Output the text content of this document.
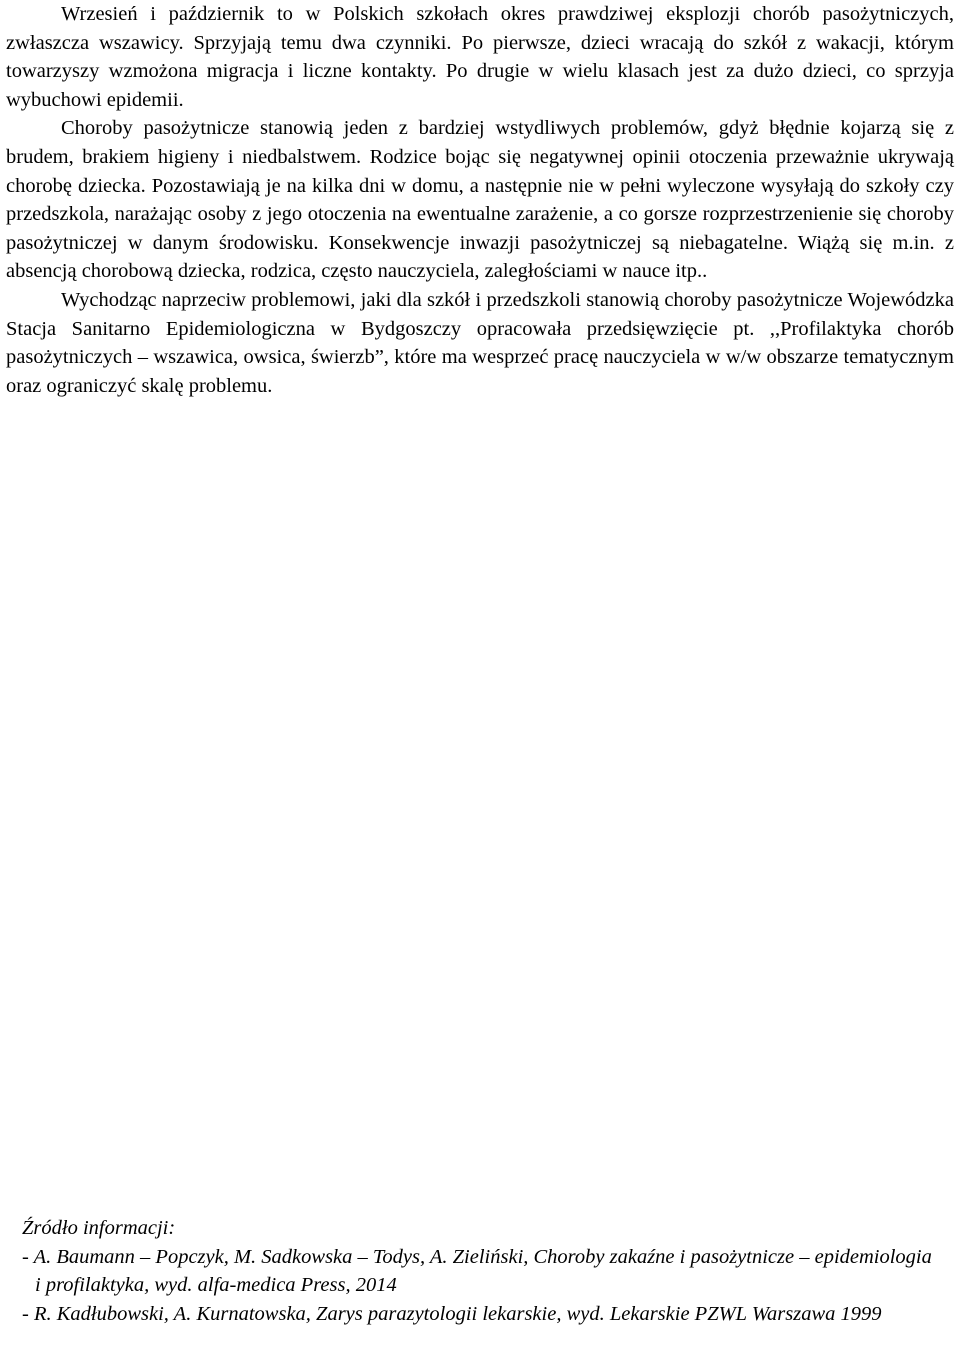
Wrzesień i październik to w Polskich szkołach okres prawdziwej eksplozji chorób pasożytniczych, zwłaszcza wszawicy. Sprzyjają temu dwa czynniki. Po pierwsze, dzieci wracają do szkół z wakacji, którym towarzyszy wzmożona migracja i liczne kontakty. Po drugie w wielu klasach jest za dużo dzieci, co sprzyja wybuchowi epidemii.

Choroby pasożytnicze stanowią jeden z bardziej wstydliwych problemów, gdyż błędnie kojarzą się z brudem, brakiem higieny i niedbalstwem. Rodzice bojąc się negatywnej opinii otoczenia przeważnie ukrywają chorobę dziecka. Pozostawiają je na kilka dni w domu, a następnie nie w pełni wyleczone wysyłają do szkoły czy przedszkola, narażając osoby z jego otoczenia na ewentualne zarażenie, a co gorsze rozprzestrzenienie się choroby pasożytniczej w danym środowisku. Konsekwencje inwazji pasożytniczej są niebagatelne. Wiążą się m.in. z absencją chorobową dziecka, rodzica, często nauczyciela, zaległościami w nauce itp..

Wychodząc naprzeciw problemowi, jaki dla szkół i przedszkoli stanowią choroby pasożytnicze Wojewódzka Stacja Sanitarno Epidemiologiczna w Bydgoszczy opracowała przedsięwzięcie pt. ,,Profilaktyka chorób pasożytniczych – wszawica, owsica, świerzb”, które ma wesprzeć pracę nauczyciela w w/w obszarze tematycznym oraz ograniczyć skalę problemu.

Źródło informacji:

- A. Baumann – Popczyk, M. Sadkowska – Todys, A. Zieliński, Choroby zakaźne i pasożytnicze – epidemiologia i profilaktyka, wyd. alfa-medica Press, 2014
- R. Kadłubowski, A. Kurnatowska, Zarys parazytologii lekarskie, wyd. Lekarskie PZWL Warszawa 1999
